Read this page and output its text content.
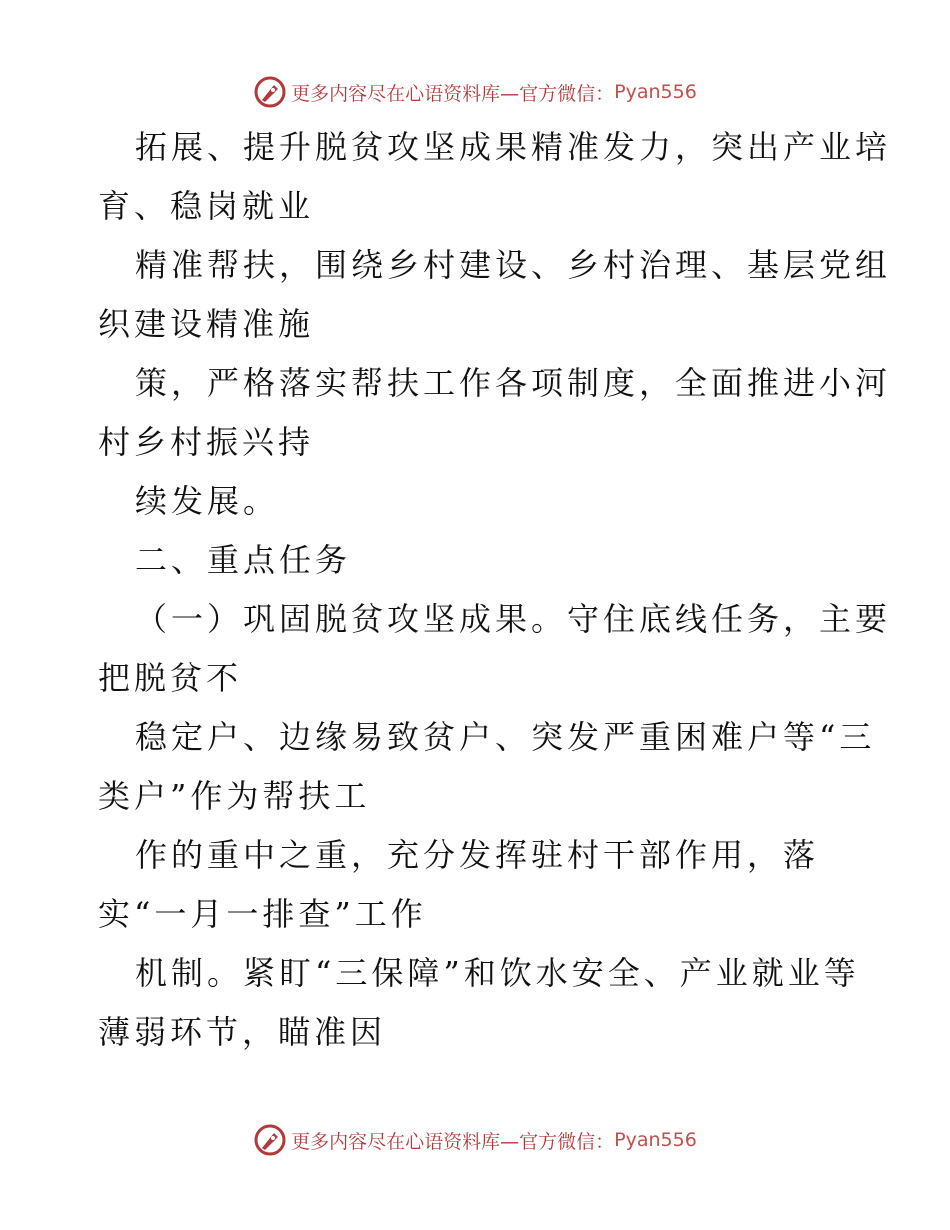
更多内容尽在心语资料库—官方微信： Pyan556
拓展、提升脱贫攻坚成果精准发力，突出产业培
育、稳岗就业
精准帮扶，围绕乡村建设、乡村治理、基层党组
织建设精准施
策，严格落实帮扶工作各项制度，全面推进小河
村乡村振兴持
续发展。
二、重点任务
（一）巩固脱贫攻坚成果。守住底线任务，主要
把脱贫不
稳定户、边缘易致贫户、突发严重困难户等“三
类户”作为帮扶工
作的重中之重，充分发挥驻村干部作用，落
实“一月一排查”工作
机制。紧盯“三保障”和饮水安全、产业就业等
薄弱环节，瞄准因
更多内容尽在心语资料库—官方微信： Pyan556
